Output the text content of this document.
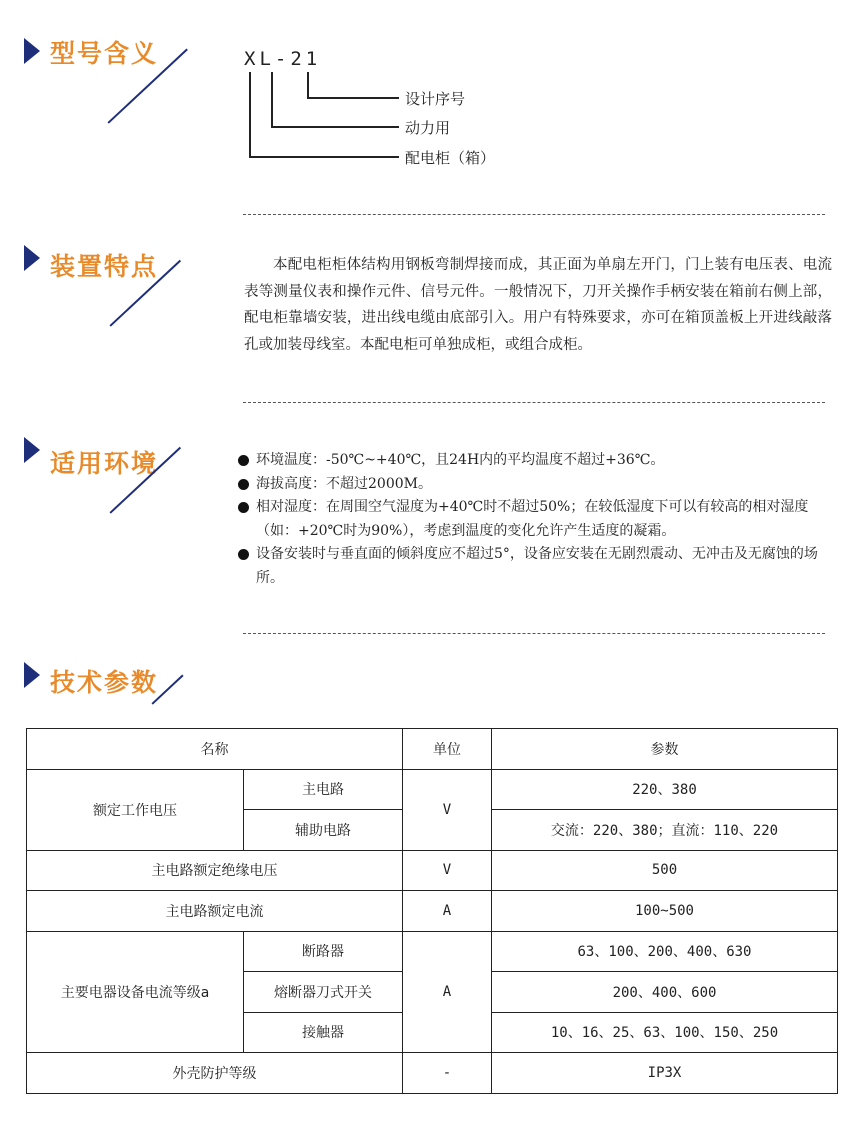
型号含义	XL-21
设计序号
动力用
配电柜（箱）
装置特点	本配电柜柜体结构用钢板弯制焊接而成，其正面为单扇左开门，门上装有电压表、电流表等测量仪表和操作元件、信号元件。一般情况下，刀开关操作手柄安装在箱前右侧上部，配电柜靠墙安装，进出线电缆由底部引入。用户有特殊要求，亦可在箱顶盖板上开进线敲落孔或加装母线室。本配电柜可单独成柜，或组合成柜。
适用环境	环境温度：-50℃~+40℃，且24H内的平均温度不超过+36℃。
海拔高度：不超过2000M。
相对湿度：在周围空气湿度为+40℃时不超过50%；在较低湿度下可以有较高的相对湿度（如：+20℃时为90%），考虑到温度的变化允许产生适度的凝霜。
设备安装时与垂直面的倾斜度应不超过5°，设备应安装在无剧烈震动、无冲击及无腐蚀的场所。
技术参数
名称		单位	参数
额定工作电压	主电路	V	220、380
	辅助电路		交流：220、380；直流：110、220
主电路额定绝缘电压		V	500
主电路额定电流		A	100~500
主要电器设备电流等级a	断路器	A	63、100、200、400、630
	熔断器刀式开关		200、400、600
	接触器		10、16、25、63、100、150、250
外壳防护等级		-	IP3X
